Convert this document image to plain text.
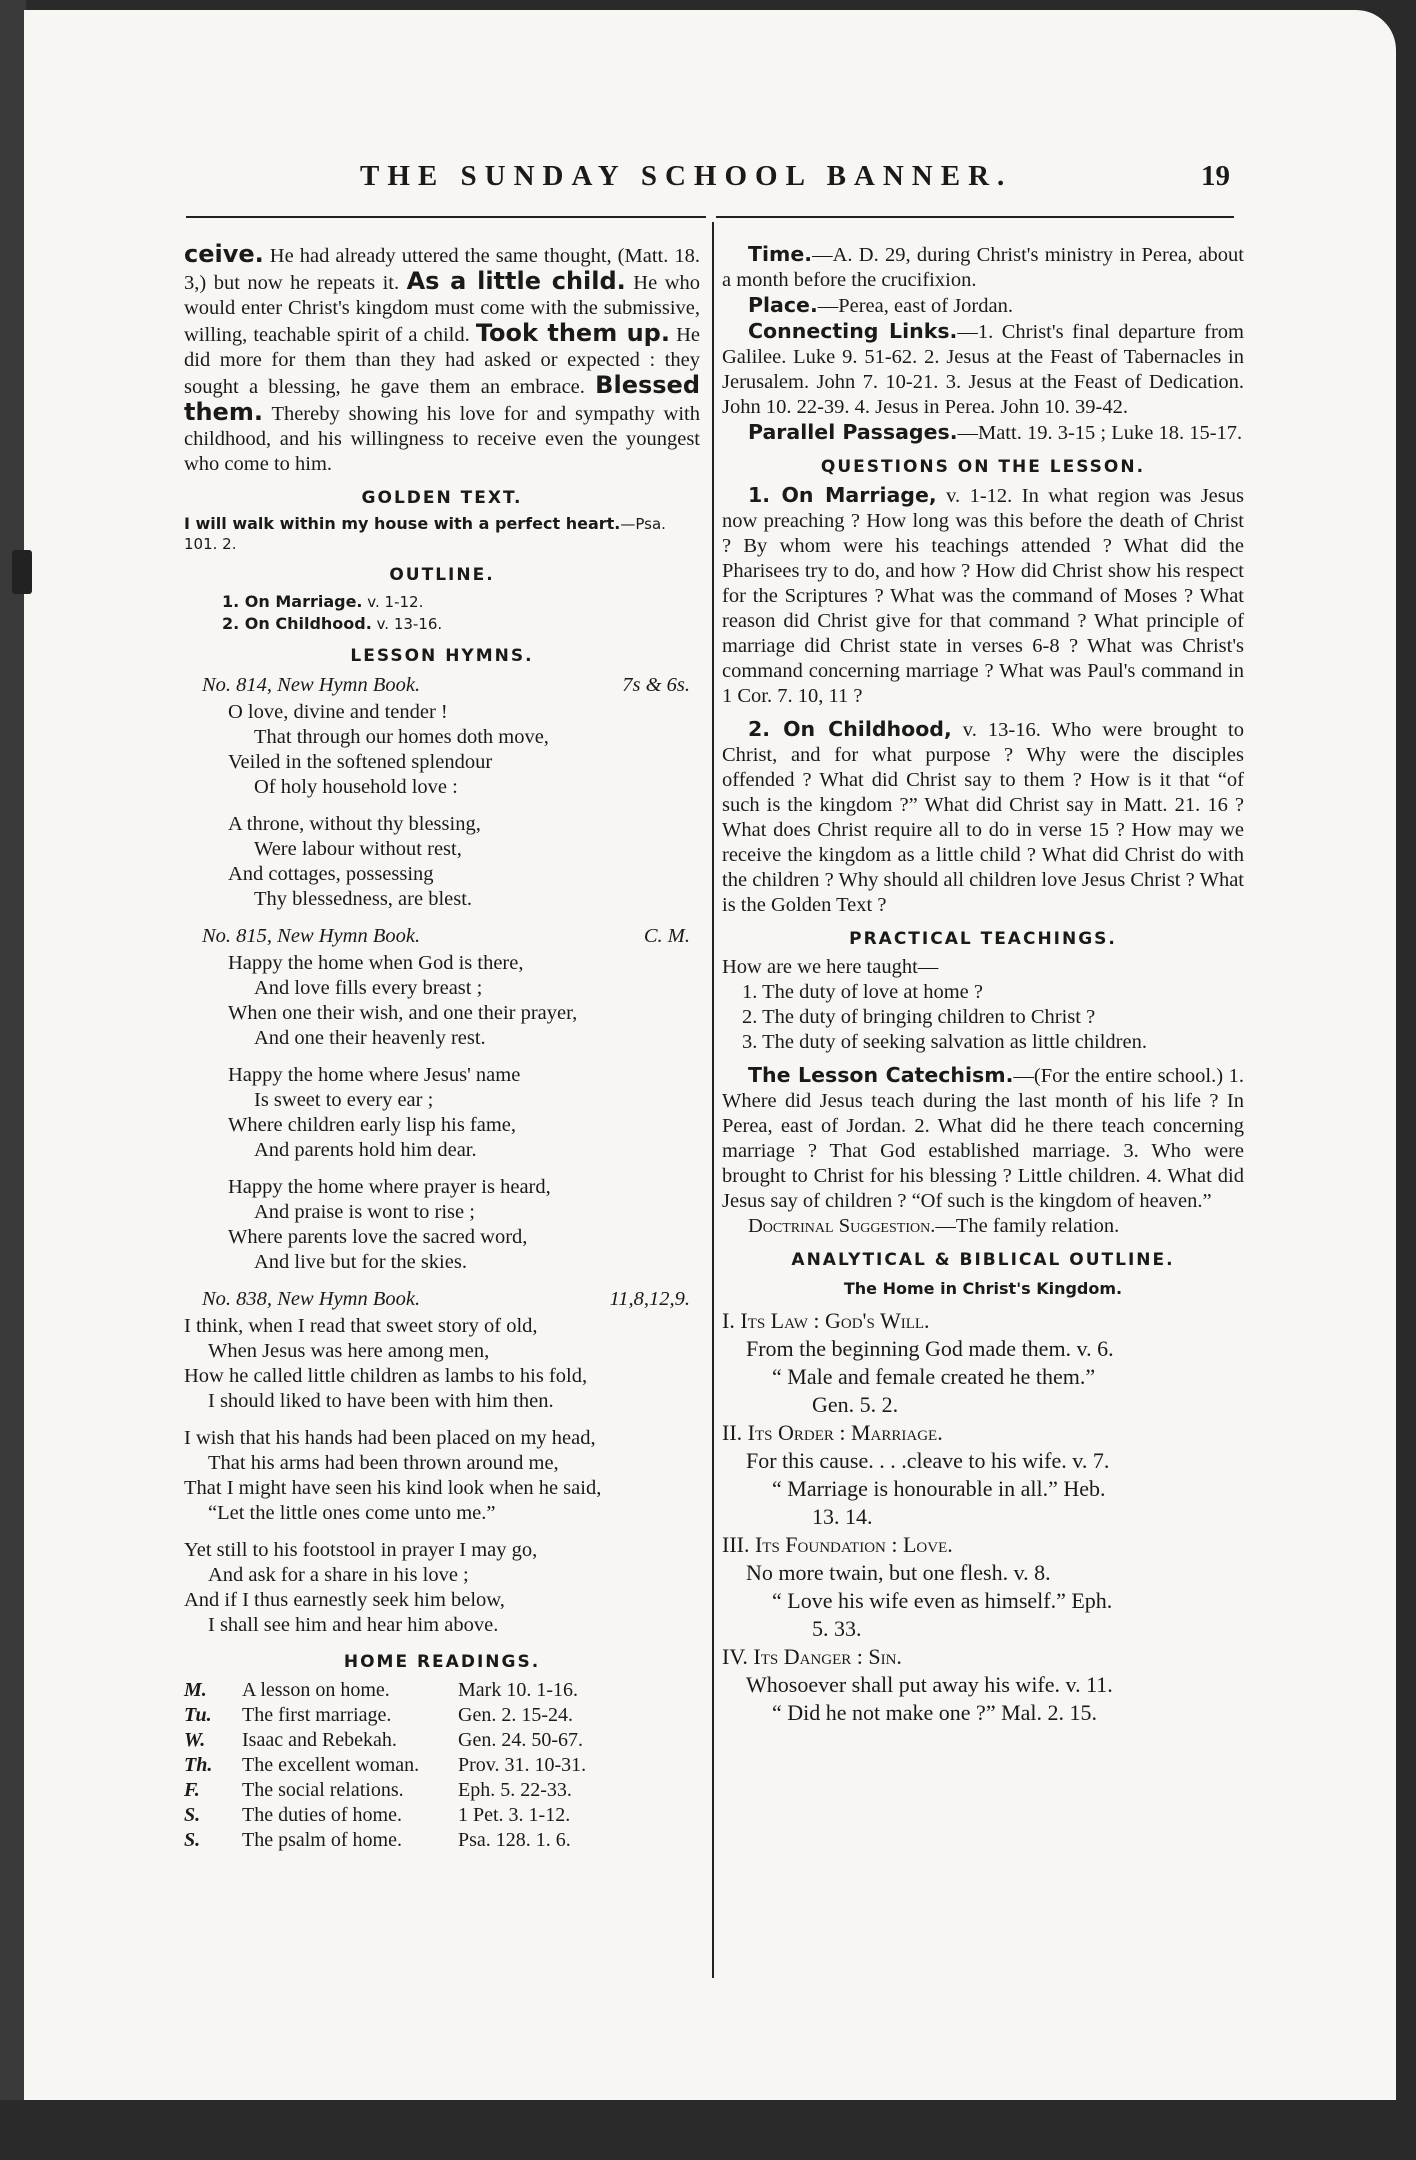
THE SUNDAY SCHOOL BANNER.	19

ceive. He had already uttered the same thought, (Matt. 18. 3,) but now he repeats it. As a little child. He who would enter Christ's kingdom must come with the submissive, willing, teachable spirit of a child. Took them up. He did more for them than they had asked or expected : they sought a blessing, he gave them an embrace. Blessed them. Thereby showing his love for and sympathy with childhood, and his willingness to receive even the youngest who come to him.

GOLDEN TEXT.
I will walk within my house with a perfect heart.—Psa. 101. 2.
OUTLINE.
1. On Marriage. v. 1-12.
2. On Childhood. v. 13-16.
LESSON HYMNS.
No. 814, New Hymn Book.	7s & 6s.
O love, divine and tender !
That through our homes doth move,
Veiled in the softened splendour
Of holy household love :
A throne, without thy blessing,
Were labour without rest,
And cottages, possessing
Thy blessedness, are blest.
No. 815, New Hymn Book.	C. M.
Happy the home when God is there,
And love fills every breast ;
When one their wish, and one their prayer,
And one their heavenly rest.
Happy the home where Jesus' name
Is sweet to every ear ;
Where children early lisp his fame,
And parents hold him dear.
Happy the home where prayer is heard,
And praise is wont to rise ;
Where parents love the sacred word,
And live but for the skies.
No. 838, New Hymn Book.	11,8,12,9.
I think, when I read that sweet story of old,
When Jesus was here among men,
How he called little children as lambs to his fold,
I should liked to have been with him then.
I wish that his hands had been placed on my head,
That his arms had been thrown around me,
That I might have seen his kind look when he said,
“Let the little ones come unto me.”
Yet still to his footstool in prayer I may go,
And ask for a share in his love ;
And if I thus earnestly seek him below,
I shall see him and hear him above.
HOME READINGS.
M.	A lesson on home.	Mark 10. 1-16.
Tu.	The first marriage.	Gen. 2. 15-24.
W.	Isaac and Rebekah.	Gen. 24. 50-67.
Th.	The excellent woman.	Prov. 31. 10-31.
F.	The social relations.	Eph. 5. 22-33.
S.	The duties of home.	1 Pet. 3. 1-12.
S.	The psalm of home.	Psa. 128. 1. 6.

Time.—A. D. 29, during Christ's ministry in Perea, about a month before the crucifixion.

Place.—Perea, east of Jordan.

Connecting Links.—1. Christ's final departure from Galilee. Luke 9. 51-62. 2. Jesus at the Feast of Tabernacles in Jerusalem. John 7. 10-21. 3. Jesus at the Feast of Dedication. John 10. 22-39. 4. Jesus in Perea. John 10. 39-42.

Parallel Passages.—Matt. 19. 3-15 ; Luke 18. 15-17.

QUESTIONS ON THE LESSON.

1. On Marriage, v. 1-12. In what region was Jesus now preaching ? How long was this before the death of Christ ? By whom were his teachings attended ? What did the Pharisees try to do, and how ? How did Christ show his respect for the Scriptures ? What was the command of Moses ? What reason did Christ give for that command ? What principle of marriage did Christ state in verses 6-8 ? What was Christ's command concerning marriage ? What was Paul's command in 1 Cor. 7. 10, 11 ?

2. On Childhood, v. 13-16. Who were brought to Christ, and for what purpose ? Why were the disciples offended ? What did Christ say to them ? How is it that “of such is the kingdom ?” What did Christ say in Matt. 21. 16 ? What does Christ require all to do in verse 15 ? How may we receive the kingdom as a little child ? What did Christ do with the children ? Why should all children love Jesus Christ ? What is the Golden Text ?

PRACTICAL TEACHINGS.

How are we here taught—

1. The duty of love at home ?
2. The duty of bringing children to Christ ?
3. The duty of seeking salvation as little children.

The Lesson Catechism.—(For the entire school.) 1. Where did Jesus teach during the last month of his life ? In Perea, east of Jordan. 2. What did he there teach concerning marriage ? That God established marriage. 3. Who were brought to Christ for his blessing ? Little children. 4. What did Jesus say of children ? “Of such is the kingdom of heaven.”

Doctrinal Suggestion.—The family relation.

ANALYTICAL & BIBLICAL OUTLINE.
The Home in Christ's Kingdom.
I. Its Law : God's Will.
From the beginning God made them. v. 6.
“ Male and female created he them.”
Gen. 5. 2.
II. Its Order : Marriage.
For this cause. . . .cleave to his wife. v. 7.
“ Marriage is honourable in all.” Heb.
13. 14.
III. Its Foundation : Love.
No more twain, but one flesh. v. 8.
“ Love his wife even as himself.” Eph.
5. 33.
IV. Its Danger : Sin.
Whosoever shall put away his wife. v. 11.
“ Did he not make one ?” Mal. 2. 15.
